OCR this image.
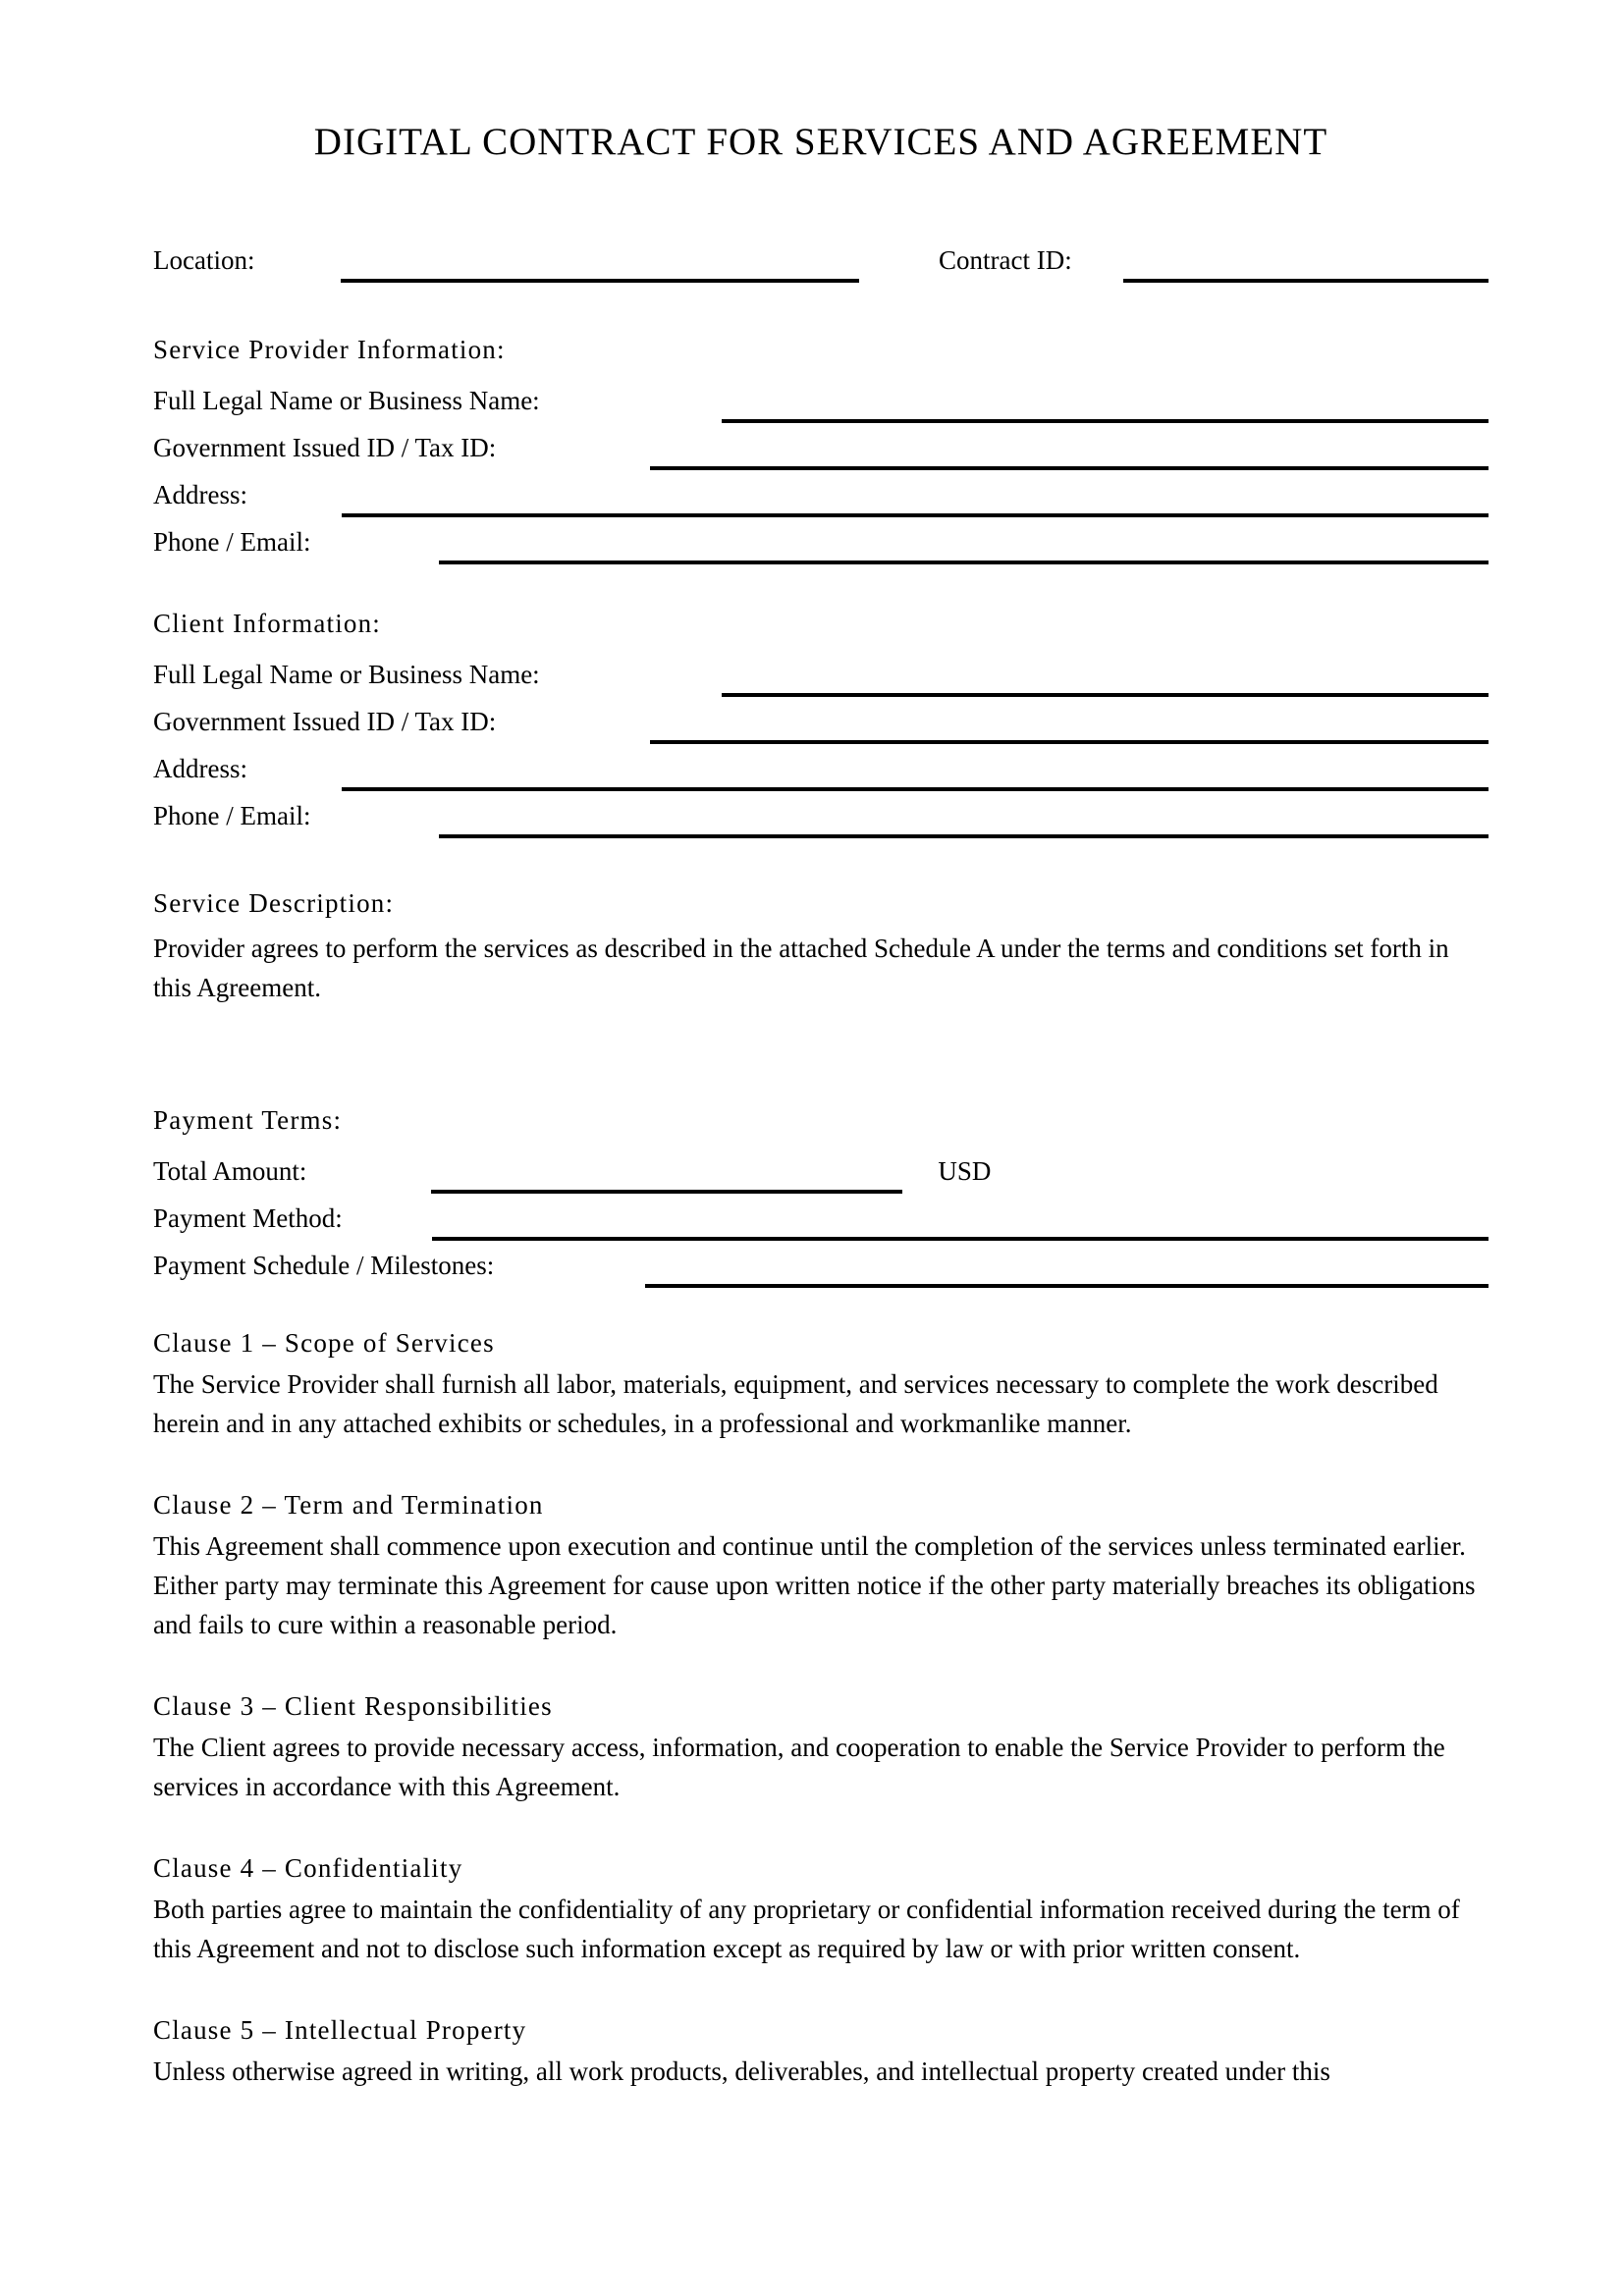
DIGITAL CONTRACT FOR SERVICES AND AGREEMENT
Location:	Contract ID:
Service Provider Information:
Full Legal Name or Business Name:
Government Issued ID / Tax ID:
Address:
Phone / Email:
Client Information:
Full Legal Name or Business Name:
Government Issued ID / Tax ID:
Address:
Phone / Email:
Service Description:

Provider agrees to perform the services as described in the attached Schedule A under the terms and conditions set forth in this Agreement.

Payment Terms:
Total Amount:	USD
Payment Method:
Payment Schedule / Milestones:
Clause 1 – Scope of Services

The Service Provider shall furnish all labor, materials, equipment, and services necessary to complete the work described herein and in any attached exhibits or schedules, in a professional and workmanlike manner.

Clause 2 – Term and Termination

This Agreement shall commence upon execution and continue until the completion of the services unless terminated earlier. Either party may terminate this Agreement for cause upon written notice if the other party materially breaches its obligations and fails to cure within a reasonable period.

Clause 3 – Client Responsibilities

The Client agrees to provide necessary access, information, and cooperation to enable the Service Provider to perform the services in accordance with this Agreement.

Clause 4 – Confidentiality

Both parties agree to maintain the confidentiality of any proprietary or confidential information received during the term of this Agreement and not to disclose such information except as required by law or with prior written consent.

Clause 5 – Intellectual Property

Unless otherwise agreed in writing, all work products, deliverables, and intellectual property created under this
